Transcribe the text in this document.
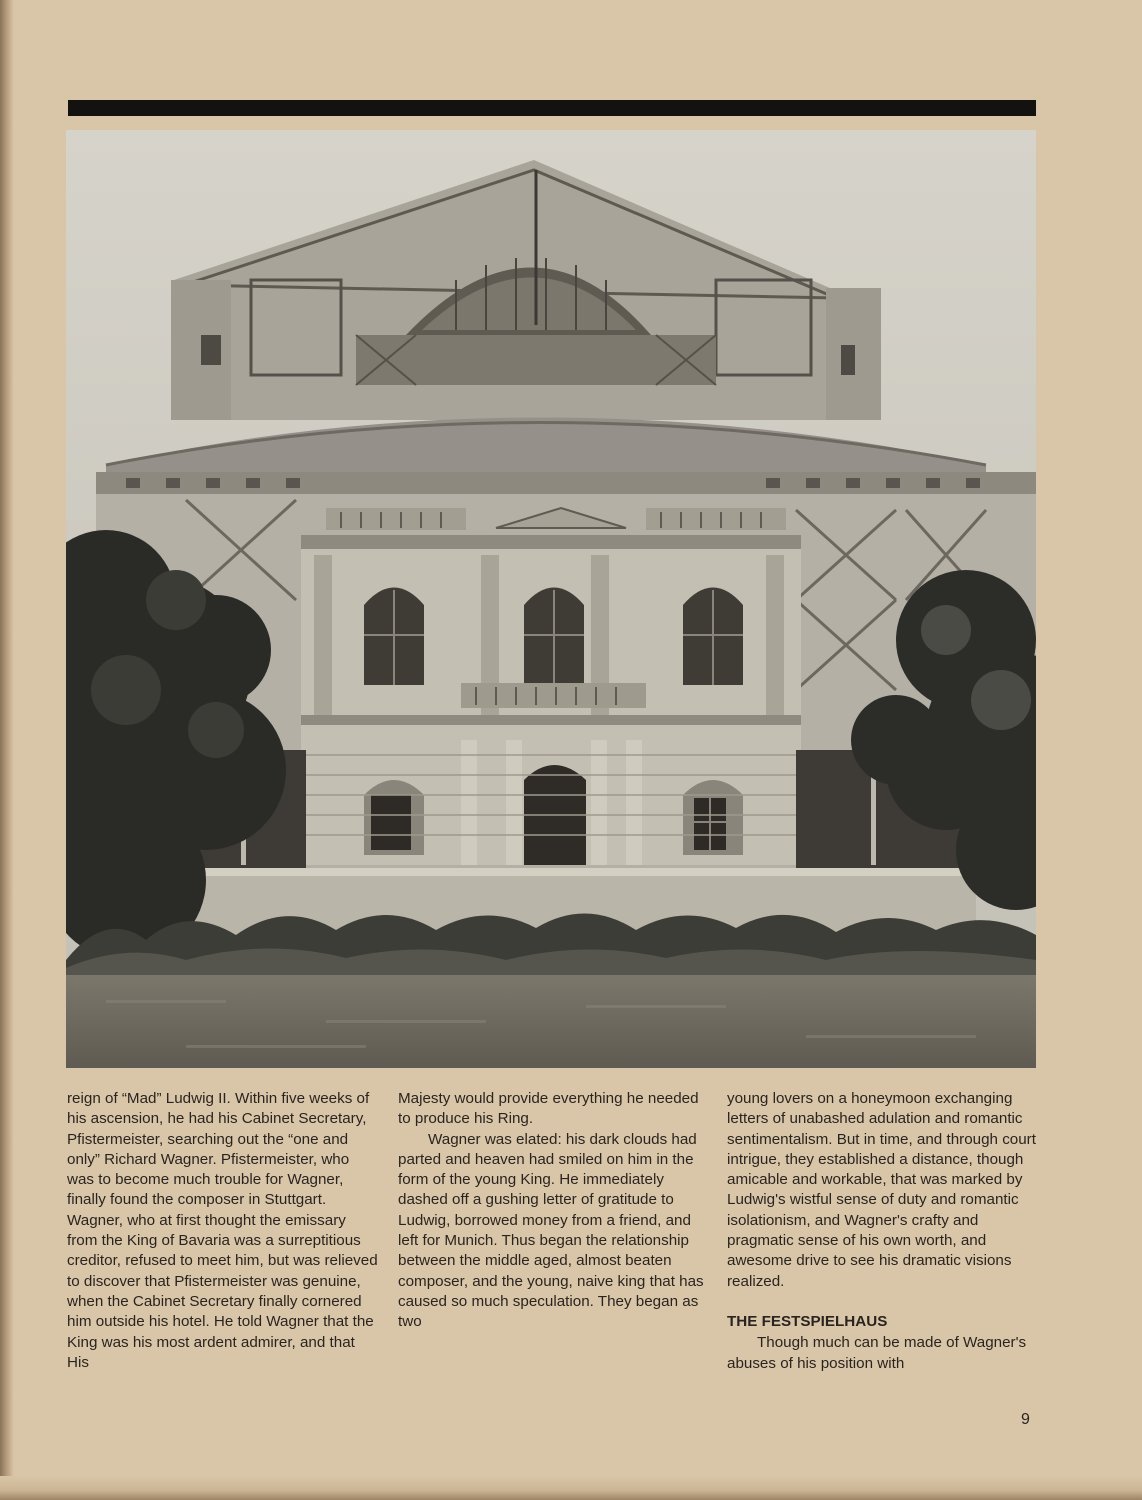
reign of “Mad” Ludwig II. Within five weeks of his ascension, he had his Cabinet Secretary, Pfistermeister, searching out the “one and only” Richard Wagner. Pfistermeister, who was to become much trouble for Wagner, finally found the composer in Stuttgart. Wagner, who at first thought the emissary from the King of Bavaria was a surreptitious creditor, refused to meet him, but was relieved to discover that Pfistermeister was genuine, when the Cabinet Secretary finally cornered him outside his hotel. He told Wagner that the King was his most ardent admirer, and that His

Majesty would provide everything he needed to produce his Ring.

Wagner was elated: his dark clouds had parted and heaven had smiled on him in the form of the young King. He immediately dashed off a gushing letter of gratitude to Ludwig, borrowed money from a friend, and left for Munich. Thus began the relationship between the middle aged, almost beaten composer, and the young, naive king that has caused so much speculation. They began as two

young lovers on a honeymoon exchanging letters of unabashed adulation and romantic sentimentalism. But in time, and through court intrigue, they established a distance, though amicable and workable, that was marked by Ludwig's wistful sense of duty and romantic isolationism, and Wagner's crafty and pragmatic sense of his own worth, and awesome drive to see his dramatic visions realized.

THE FESTSPIELHAUS

Though much can be made of Wagner's abuses of his position with

9
